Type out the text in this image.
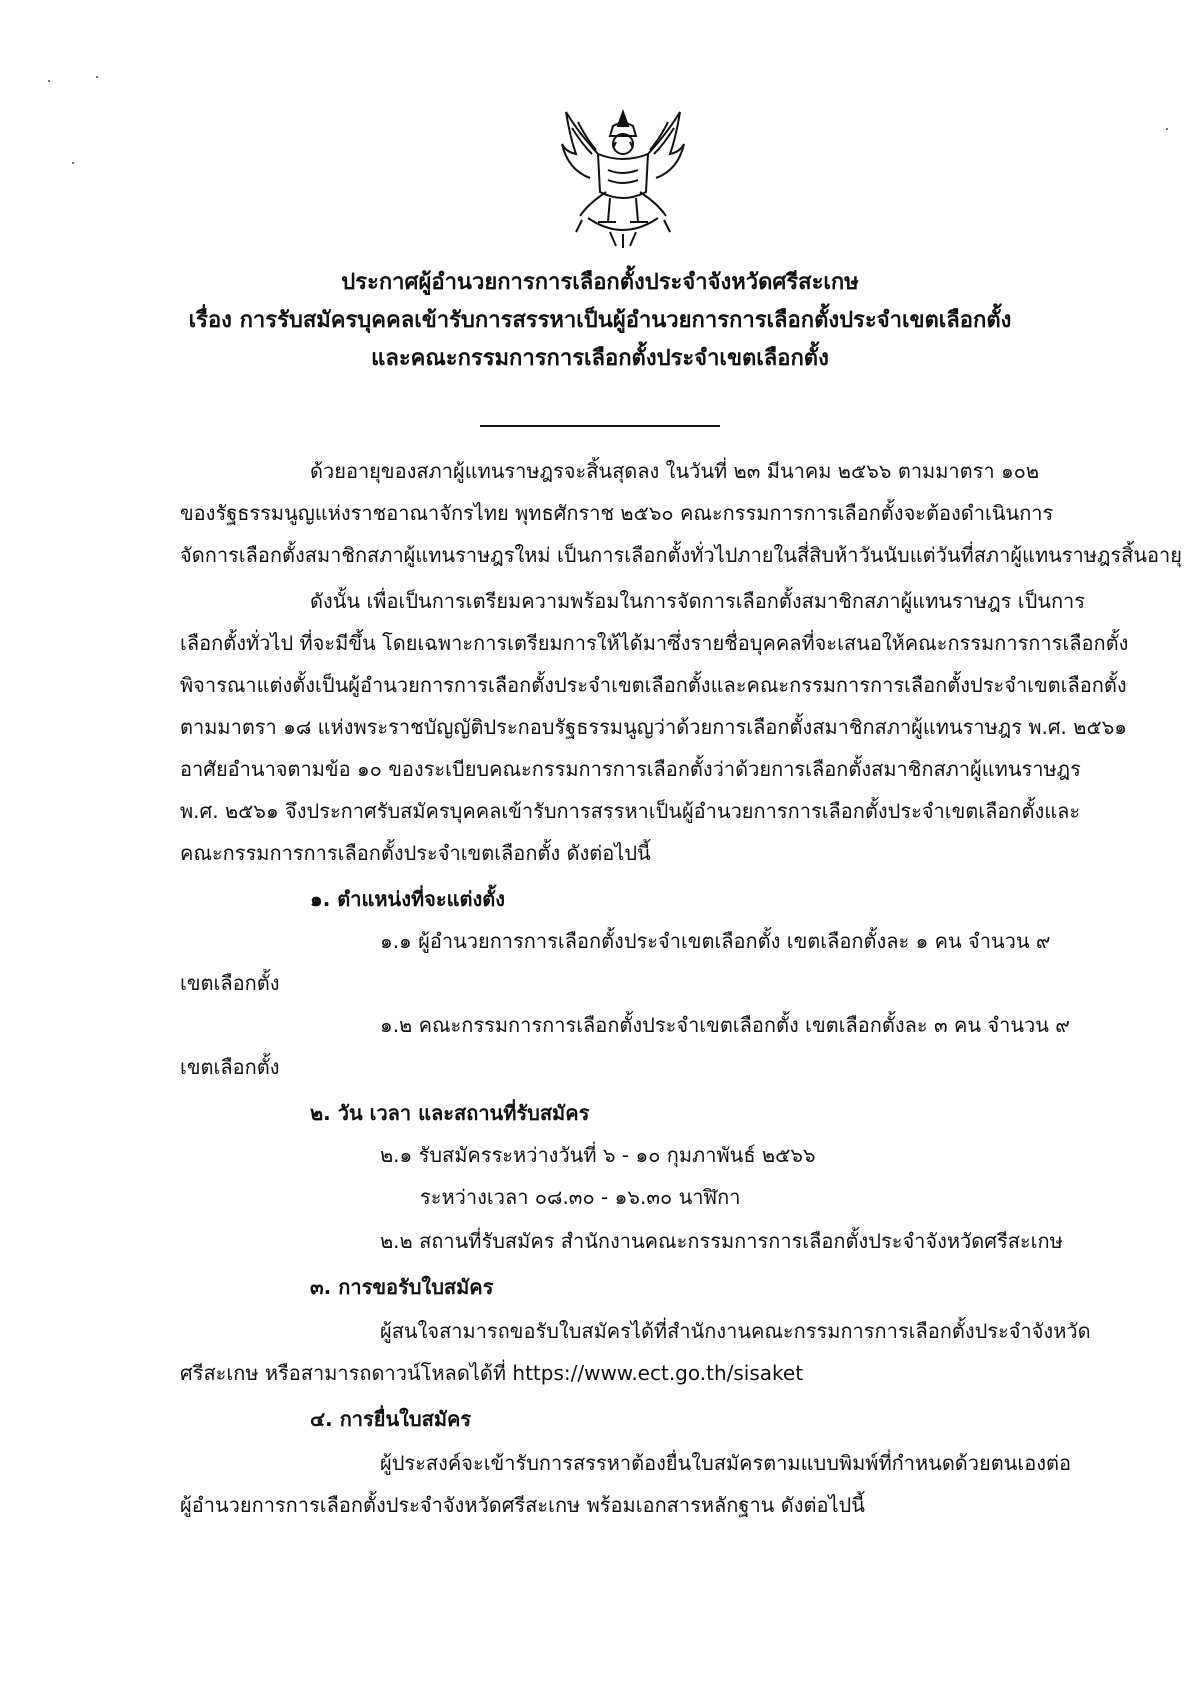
ประกาศผู้อำนวยการการเลือกตั้งประจำจังหวัดศรีสะเกษ
เรื่อง การรับสมัครบุคคลเข้ารับการสรรหาเป็นผู้อำนวยการการเลือกตั้งประจำเขตเลือกตั้ง
และคณะกรรมการการเลือกตั้งประจำเขตเลือกตั้ง
ด้วยอายุของสภาผู้แทนราษฎรจะสิ้นสุดลง ในวันที่ ๒๓ มีนาคม ๒๕๖๖ ตามมาตรา ๑๐๒
ของรัฐธรรมนูญแห่งราชอาณาจักรไทย พุทธศักราช ๒๕๖๐ คณะกรรมการการเลือกตั้งจะต้องดำเนินการ
จัดการเลือกตั้งสมาชิกสภาผู้แทนราษฎรใหม่ เป็นการเลือกตั้งทั่วไปภายในสี่สิบห้าวันนับแต่วันที่สภาผู้แทนราษฎรสิ้นอายุ
ดังนั้น เพื่อเป็นการเตรียมความพร้อมในการจัดการเลือกตั้งสมาชิกสภาผู้แทนราษฎร เป็นการ
เลือกตั้งทั่วไป ที่จะมีขึ้น โดยเฉพาะการเตรียมการให้ได้มาซึ่งรายชื่อบุคคลที่จะเสนอให้คณะกรรมการการเลือกตั้ง
พิจารณาแต่งตั้งเป็นผู้อำนวยการการเลือกตั้งประจำเขตเลือกตั้งและคณะกรรมการการเลือกตั้งประจำเขตเลือกตั้ง
ตามมาตรา ๑๘ แห่งพระราชบัญญัติประกอบรัฐธรรมนูญว่าด้วยการเลือกตั้งสมาชิกสภาผู้แทนราษฎร พ.ศ. ๒๕๖๑
อาศัยอำนาจตามข้อ ๑๐ ของระเบียบคณะกรรมการการเลือกตั้งว่าด้วยการเลือกตั้งสมาชิกสภาผู้แทนราษฎร
พ.ศ. ๒๕๖๑ จึงประกาศรับสมัครบุคคลเข้ารับการสรรหาเป็นผู้อำนวยการการเลือกตั้งประจำเขตเลือกตั้งและ
คณะกรรมการการเลือกตั้งประจำเขตเลือกตั้ง ดังต่อไปนี้
๑. ตำแหน่งที่จะแต่งตั้ง
๑.๑ ผู้อำนวยการการเลือกตั้งประจำเขตเลือกตั้ง เขตเลือกตั้งละ ๑ คน จำนวน ๙
เขตเลือกตั้ง
๑.๒ คณะกรรมการการเลือกตั้งประจำเขตเลือกตั้ง เขตเลือกตั้งละ ๓ คน จำนวน ๙
เขตเลือกตั้ง
๒. วัน เวลา และสถานที่รับสมัคร
๒.๑ รับสมัครระหว่างวันที่ ๖ - ๑๐ กุมภาพันธ์ ๒๕๖๖
ระหว่างเวลา ๐๘.๓๐ - ๑๖.๓๐ นาฬิกา
๒.๒ สถานที่รับสมัคร สำนักงานคณะกรรมการการเลือกตั้งประจำจังหวัดศรีสะเกษ
๓. การขอรับใบสมัคร
ผู้สนใจสามารถขอรับใบสมัครได้ที่สำนักงานคณะกรรมการการเลือกตั้งประจำจังหวัด
ศรีสะเกษ หรือสามารถดาวน์โหลดได้ที่ https://www.ect.go.th/sisaket
๔. การยื่นใบสมัคร
ผู้ประสงค์จะเข้ารับการสรรหาต้องยื่นใบสมัครตามแบบพิมพ์ที่กำหนดด้วยตนเองต่อ
ผู้อำนวยการการเลือกตั้งประจำจังหวัดศรีสะเกษ พร้อมเอกสารหลักฐาน ดังต่อไปนี้
